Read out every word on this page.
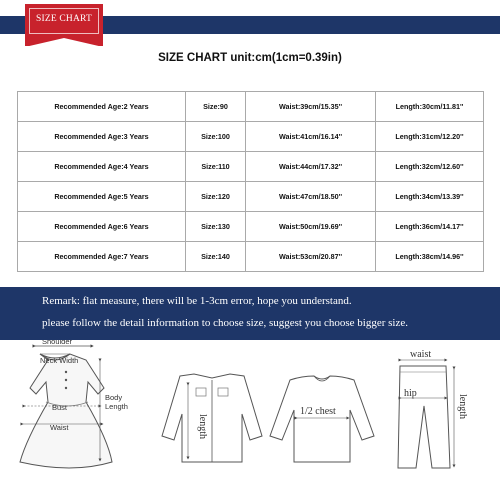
SIZE CHART
SIZE CHART unit:cm(1cm=0.39in)
Recommended Age:2 Years	Size:90	Waist:39cm/15.35''	Length:30cm/11.81''
Recommended Age:3 Years	Size:100	Waist:41cm/16.14''	Length:31cm/12.20''
Recommended Age:4 Years	Size:110	Waist:44cm/17.32''	Length:32cm/12.60''
Recommended Age:5 Years	Size:120	Waist:47cm/18.50''	Length:34cm/13.39''
Recommended Age:6 Years	Size:130	Waist:50cm/19.69''	Length:36cm/14.17''
Recommended Age:7 Years	Size:140	Waist:53cm/20.87''	Length:38cm/14.96''
Remark: flat measure, there will be 1-3cm error, hope you understand.
please follow the detail information to choose size, suggest you choose bigger size.
Shoulder
Neck Width
Bust
Waist
Body
Length
length
1/2 chest
waist
hip
length
